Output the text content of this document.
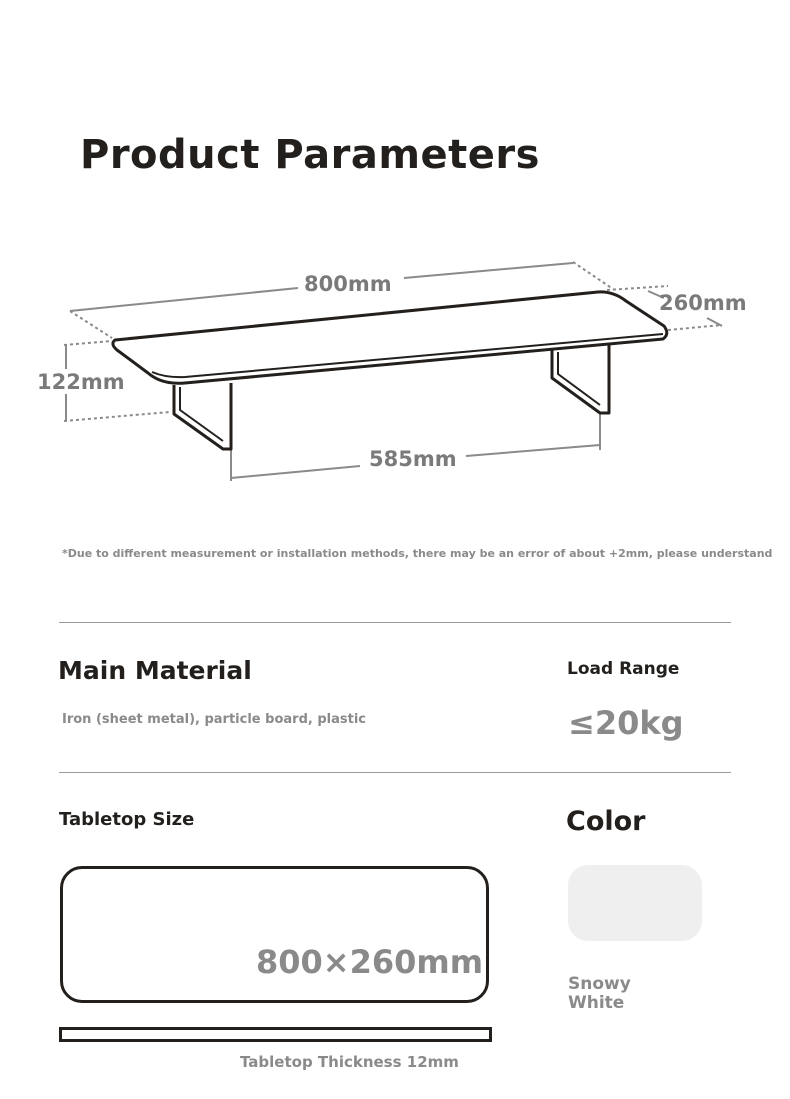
Product Parameters
800mm
260mm
122mm
585mm
*Due to different measurement or installation methods, there may be an error of about +2mm, please understand
Main Material
Iron (sheet metal), particle board, plastic
Load Range
≤20kg
Tabletop Size
800×260mm
Tabletop Thickness 12mm
Color
Snowy White
